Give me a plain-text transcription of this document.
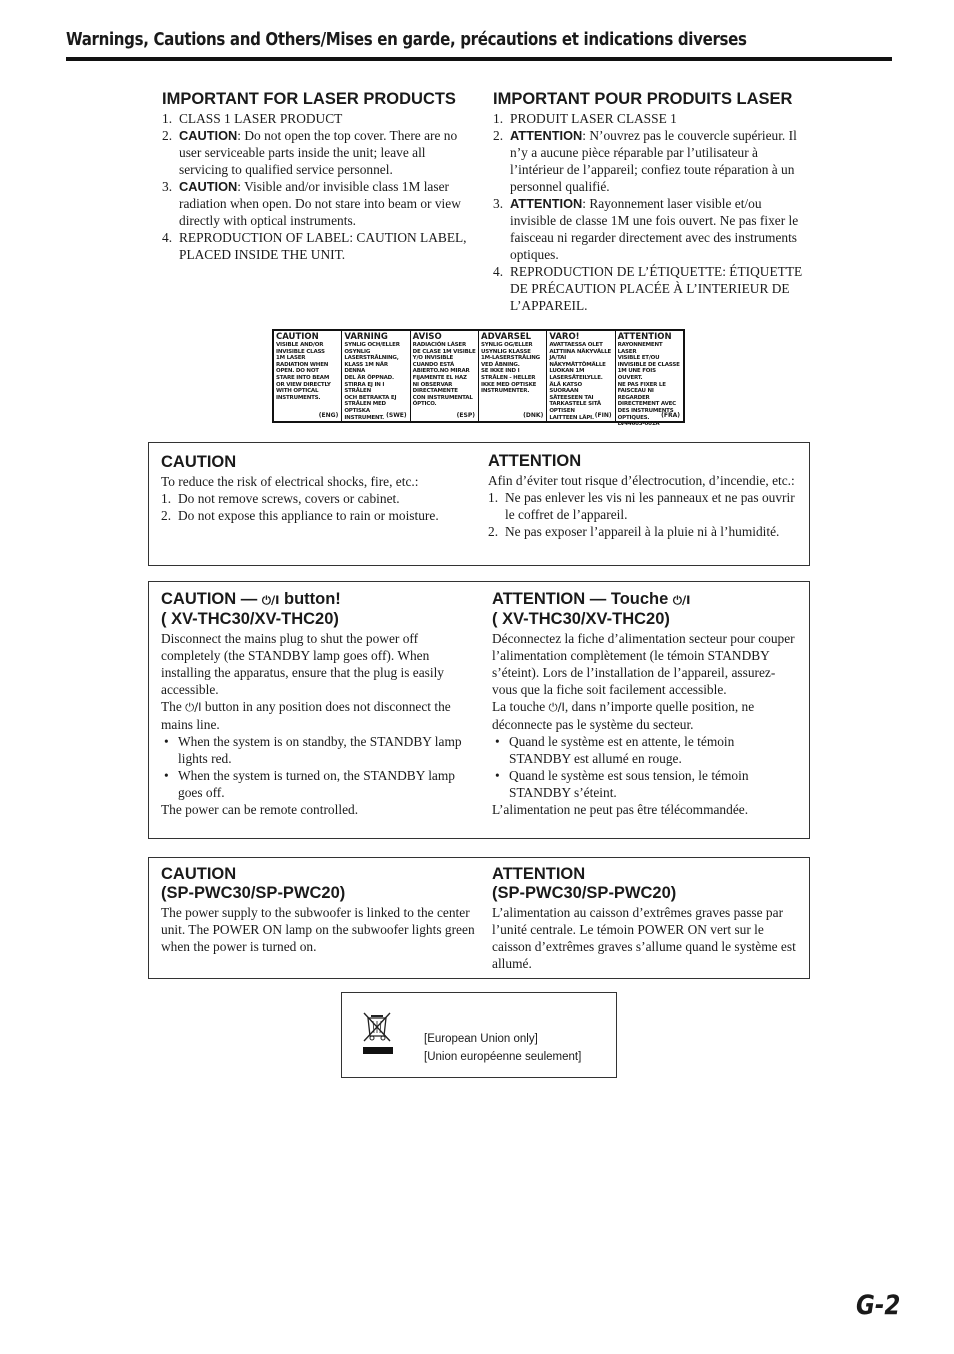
Warnings, Cautions and Others/Mises en garde, précautions et indications diverses
IMPORTANT FOR LASER PRODUCTS
1. CLASS 1 LASER PRODUCT
2. CAUTION: Do not open the top cover. There are no user serviceable parts inside the unit; leave all servicing to qualified service personnel.
3. CAUTION: Visible and/or invisible class 1M laser radiation when open. Do not stare into beam or view directly with optical instruments.
4. REPRODUCTION OF LABEL: CAUTION LABEL, PLACED INSIDE THE UNIT.
IMPORTANT POUR PRODUITS LASER
1. PRODUIT LASER CLASSE 1
2. ATTENTION: N’ouvrez pas le couvercle supérieur. Il n’y a aucune pièce réparable par l’utilisateur à l’intérieur de l’appareil; confiez toute réparation à un personnel qualifié.
3. ATTENTION: Rayonnement laser visible et/ou invisible de classe 1M une fois ouvert. Ne pas fixer le faisceau ni regarder directement avec des instruments optiques.
4. REPRODUCTION DE L’ÉTIQUETTE: ÉTIQUETTE DE PRÉCAUTION PLACÉE À L’INTERIEUR DE L’APPAREIL.
CAUTION
VISIBLE AND/OR
INVISIBLE CLASS
1M LASER
RADIATION WHEN
OPEN. DO NOT
STARE INTO BEAM
OR VIEW DIRECTLY
WITH OPTICAL
INSTRUMENTS.
(ENG)
VARNING
SYNLIG OCH/ELLER
OSYNLIG
LASERSTRÅLNING,
KLASS 1M NÄR DENNA
DEL ÄR ÖPPNAD.
STIRRA EJ IN I STRÅLEN
OCH BETRAKTA EJ
STRÅLEN MED OPTISKA
INSTRUMENT. (SWE)
AVISO
RADIACIÓN LÁSER
DE CLASE 1M VISIBLE
Y/O INVISIBLE
CUANDO ESTÁ
ABIERTO.NO MIRAR
FIJAMENTE EL HAZ
NI OBSERVAR
DIRECTAMENTE
CON INSTRUMENTAL
ÓPTICO.
(ESP)
ADVARSEL
SYNLIG OG/ELLER
USYNLIG KLASSE
1M-LASERSTRÅLING
VED ÅBNING.
SE IKKE IND I
STRÅLEN - HELLER
IKKE MED OPTISKE
INSTRUMENTER.
(DNK)
VARO!
AVATTAESSA OLET
ALTTIINA NÄKYVÄLLE
JA/TAI
NÄKYMÄTTÖMÄLLE
LUOKAN 1M
LASERSÄTEILYLLE.
ÄLÄ KATSO SUORAAN
SÄTEESEEN TAI
TARKASTELE SITÄ OPTISEN
LAITTEEN LÄPI. (FIN)
ATTENTION
RAYONNEMENT LASER
VISIBLE ET/OU
INVISIBLE DE CLASSE
1M UNE FOIS OUVERT.
NE PAS FIXER LE
FAISCEAU NI REGARDER
DIRECTEMENT AVEC
DES INSTRUMENTS
OPTIQUES.
LV44603-001A
(FRA)
CAUTION

To reduce the risk of electrical shocks, fire, etc.:

1. Do not remove screws, covers or cabinet.
2. Do not expose this appliance to rain or moisture.
ATTENTION

Afin d’éviter tout risque d’électrocution, d’incendie, etc.:

1. Ne pas enlever les vis ni les panneaux et ne pas ouvrir le coffret de l’appareil.
2. Ne pas exposer l’appareil à la pluie ni à l’humidité.
CAUTION — ⏻/I button!
( XV-THC30/XV-THC20)

Disconnect the mains plug to shut the power off completely (the STANDBY lamp goes off). When installing the apparatus, ensure that the plug is easily accessible.

The ⏻/I button in any position does not disconnect the mains line.

• When the system is on standby, the STANDBY lamp lights red.
• When the system is turned on, the STANDBY lamp goes off.

The power can be remote controlled.

ATTENTION — Touche ⏻/I
( XV-THC30/XV-THC20)

Déconnectez la fiche d’alimentation secteur pour couper l’alimentation complètement (le témoin STANDBY s’éteint). Lors de l’installation de l’appareil, assurez-vous que la fiche soit facilement accessible.

La touche ⏻/I, dans n’importe quelle position, ne déconnecte pas le système du secteur.

• Quand le système est en attente, le témoin STANDBY est allumé en rouge.
• Quand le système est sous tension, le témoin STANDBY s’éteint.

L’alimentation ne peut pas être télécommandée.

CAUTION
(SP-PWC30/SP-PWC20)

The power supply to the subwoofer is linked to the center unit. The POWER ON lamp on the subwoofer lights green when the power is turned on.

ATTENTION
(SP-PWC30/SP-PWC20)

L’alimentation au caisson d’extrêmes graves passe par l’unité centrale. Le témoin POWER ON vert sur le caisson d’extrêmes graves s’allume quand le système est allumé.

[European Union only]
[Union européenne seulement]
G-2
